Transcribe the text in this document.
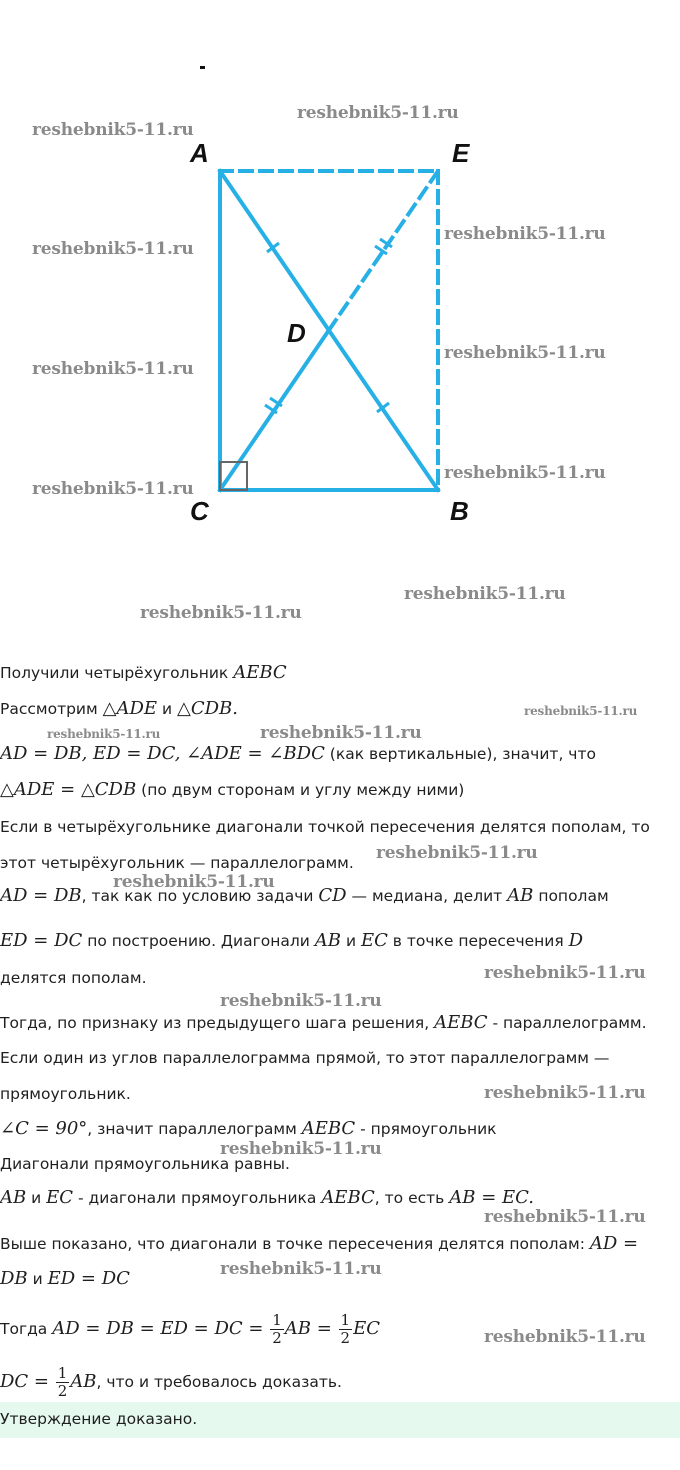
A	E
D
C	B
reshebnik5-11.ru
reshebnik5-11.ru
reshebnik5-11.ru
reshebnik5-11.ru
reshebnik5-11.ru
reshebnik5-11.ru
reshebnik5-11.ru
reshebnik5-11.ru
reshebnik5-11.ru
reshebnik5-11.ru
reshebnik5-11.ru
reshebnik5-11.ru	reshebnik5-11.ru
reshebnik5-11.ru
reshebnik5-11.ru
reshebnik5-11.ru
reshebnik5-11.ru
reshebnik5-11.ru
reshebnik5-11.ru
reshebnik5-11.ru
reshebnik5-11.ru
reshebnik5-11.ru
Получили четырёхугольник AEBC
Рассмотрим △ADE и △CDB.
AD = DB, ED = DC, ∠ADE = ∠BDC (как вертикальные), значит, что
△ADE = △CDB (по двум сторонам и углу между ними)
Если в четырёхугольнике диагонали точкой пересечения делятся пополам, то
этот четырёхугольник — параллелограмм.
AD = DB, так как по условию задачи CD — медиана, делит AB пополам
ED = DC по построению. Диагонали AB и EC в точке пересечения D
делятся пополам.
Тогда, по признаку из предыдущего шага решения, AEBC - параллелограмм.
Если один из углов параллелограмма прямой, то этот параллелограмм —
прямоугольник.
∠C = 90°, значит параллелограмм AEBC - прямоугольник
Диагонали прямоугольника равны.
AB и EC - диагонали прямоугольника AEBC, то есть AB = EC.
Выше показано, что диагонали в точке пересечения делятся пополам: AD =
DB и ED = DC
Тогда AD = DB = ED = DC = $\frac{1}{2}$ AB = $\frac{1}{2}$ EC
DC = $\frac{1}{2}$ AB, что и требовалось доказать.
Утверждение доказано.
